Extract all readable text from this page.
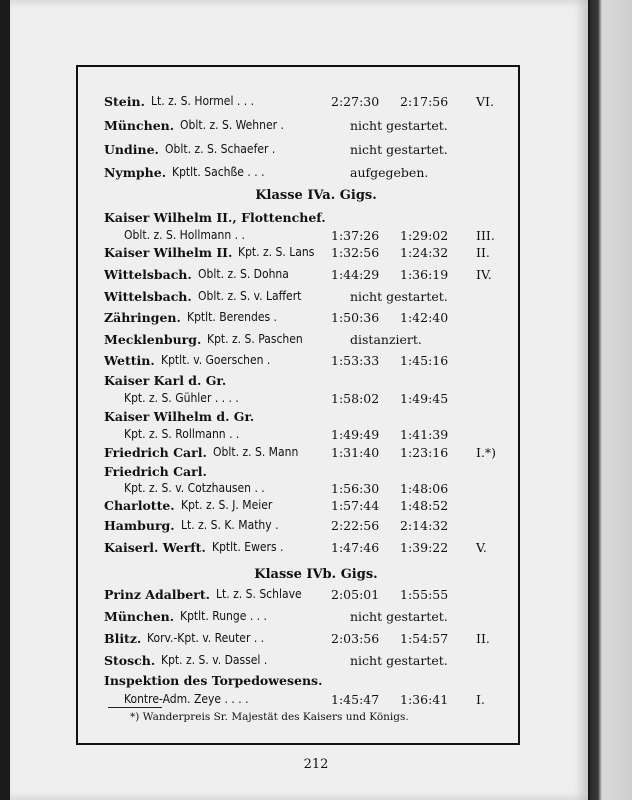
Stein. Lt. z. S. Hormel . . .	2:27:30 2:17:56 VI.
München. Oblt. z. S. Wehner .	nicht gestartet.
Undine. Oblt. z. S. Schaefer .	nicht gestartet.
Nymphe. Kptlt. Sachße . . .	aufgegeben.
Klasse IVa. Gigs.
Kaiser Wilhelm II., Flottenchef.
Oblt. z. S. Hollmann . .	1:37:26 1:29:02 III.
Kaiser Wilhelm II. Kpt. z. S. Lans 1:32:56 1:24:32 II.
Wittelsbach. Oblt. z. S. Dohna	1:44:29 1:36:19 IV.
Wittelsbach. Oblt. z. S. v. Laffert	nicht gestartet.
Zähringen. Kptlt. Berendes .	1:50:36 1:42:40
Mecklenburg. Kpt. z. S. Paschen	distanziert.
Wettin. Kptlt. v. Goerschen .	1:53:33 1:45:16
Kaiser Karl d. Gr.
Kpt. z. S. Gühler . . . .	1:58:02 1:49:45
Kaiser Wilhelm d. Gr.
Kpt. z. S. Rollmann . .	1:49:49 1:41:39
Friedrich Carl. Oblt. z. S. Mann	1:31:40 1:23:16 I.*)
Friedrich Carl.
Kpt. z. S. v. Cotzhausen . .	1:56:30 1:48:06
Charlotte. Kpt. z. S. J. Meier	1:57:44 1:48:52
Hamburg. Lt. z. S. K. Mathy .	2:22:56 2:14:32
Kaiserl. Werft. Kptlt. Ewers .	1:47:46 1:39:22 V.
Klasse IVb. Gigs.
Prinz Adalbert. Lt. z. S. Schlave 2:05:01 1:55:55
München. Kptlt. Runge . . .	nicht gestartet.
Blitz. Korv.-Kpt. v. Reuter . .	2:03:56 1:54:57 II.
Stosch. Kpt. z. S. v. Dassel .	nicht gestartet.
Inspektion des Torpedowesens.
Kontre-Adm. Zeye . . . .	1:45:47 1:36:41 I.
*) Wanderpreis Sr. Majestät des Kaisers und Königs.
212
